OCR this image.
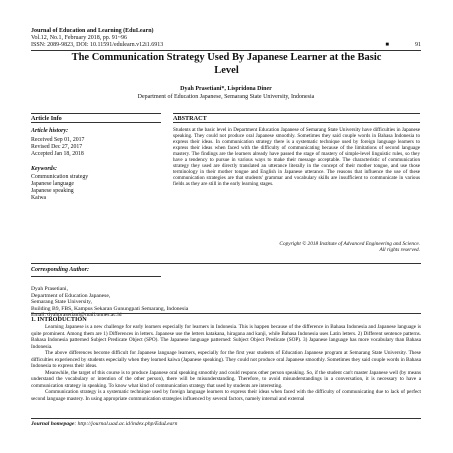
Journal of Education and Learning (EduLearn)
Vol.12, No.1, February 2018, pp. 91~96
ISSN: 2089-9823, DOI: 10.11591/edulearn.v12i1.6913	■	91
The Communication Strategy Used By Japanese Learner at the Basic Level
Dyah Prasetiani*, Lispridona Diner
Department of Education Japanese, Semarang State University, Indonesia
Article Info	ABSTRACT
Article history:
Received Sep 01, 2017
Revised Dec 27, 2017
Accepted Jan 18, 2018
Keywords:
Communication strategy
Japanese language
Japanese speaking
Kaiwa
Students at the basic level in Department Education Japanese of Semarang State University have difficulties in Japanese speaking. They could not produce oral Japanese smoothly. Sometimes they said couple words in Bahasa Indonesia to express their ideas. In communication strategy there is a systematic technique used by foreign language learners to express their ideas when faced with the difficulty of communicating because of the limitations of second language mastery. The findings are the learners already have passed the stage of mastery of simple-level linguistic rules, so they have a tendency to pursue in various ways to make their message acceptable. The characteristic of communication strategy they used are directly translated an utterance literally in the concept of their mother tongue, and use those terminology in their mother tongue and English in Japanese utterance. The reasons that influence the use of these communication strategies are that students' grammar and vocabulary skills are insufficient to communicate in various fields as they are still in the early learning stages.
Copyright © 2018 Institute of Advanced Engineering and Science.
All rights reserved.
Corresponding Author:
Dyah Prasetiani,
Department of Education Japanese,
Semarang State University,
Building B9, FBS, Kampus Sekaran Gunungpati Semarang, Indonesia
Email: dyahprasetiani@mail.unnes.ac.id
1. INTRODUCTION

Learning Japanese is a new challenge for early learners especially for learners in Indonesia. This is happen because of the difference in Bahasa Indonesia and Japanese language is quite prominent. Among them are 1) Differences in letters. Japanese use the letters katakana, hiragana and kanji, while Bahasa Indonesia uses Latin letters. 2) Different sentence patterns. Bahasa Indonesia patterned Subject Predicate Object (SPO). The Japanese language patterned: Subject Object Predicate (SOP). 3) Japanese language has more vocabulary than Bahasa Indonesia.

The above differences become difficult for Japanese language learners, especially for the first year students of Education Japanese program at Semarang State University. These difficulties experienced by students especially when they learned kaiwa (Japanese speaking). They could not produce oral Japanese smoothly. Sometimes they said couple words in Bahasa Indonesia to express their ideas.

Meanwhile, the target of this course is to produce Japanese oral speaking smoothly and could respons other person speaking. So, if the student can't master Japanese well (by means understand the vocabulary or intention of the other person), there will be misunderstanding. Therefore, to avoid misunderstandings in a conversation, it is necessary to have a communication strategy in speaking. To know what kind of communication strategy that used by students are interesting.

Communication strategy is a systematic technique used by foreign language learners to express their ideas when faced with the difficulty of communicating due to lack of perfect second language mastery. In using appropriate communication strategies influenced by several factors, namely internal and external

Journal homepage: http://journal.uad.ac.id/index.php/EduLearn
